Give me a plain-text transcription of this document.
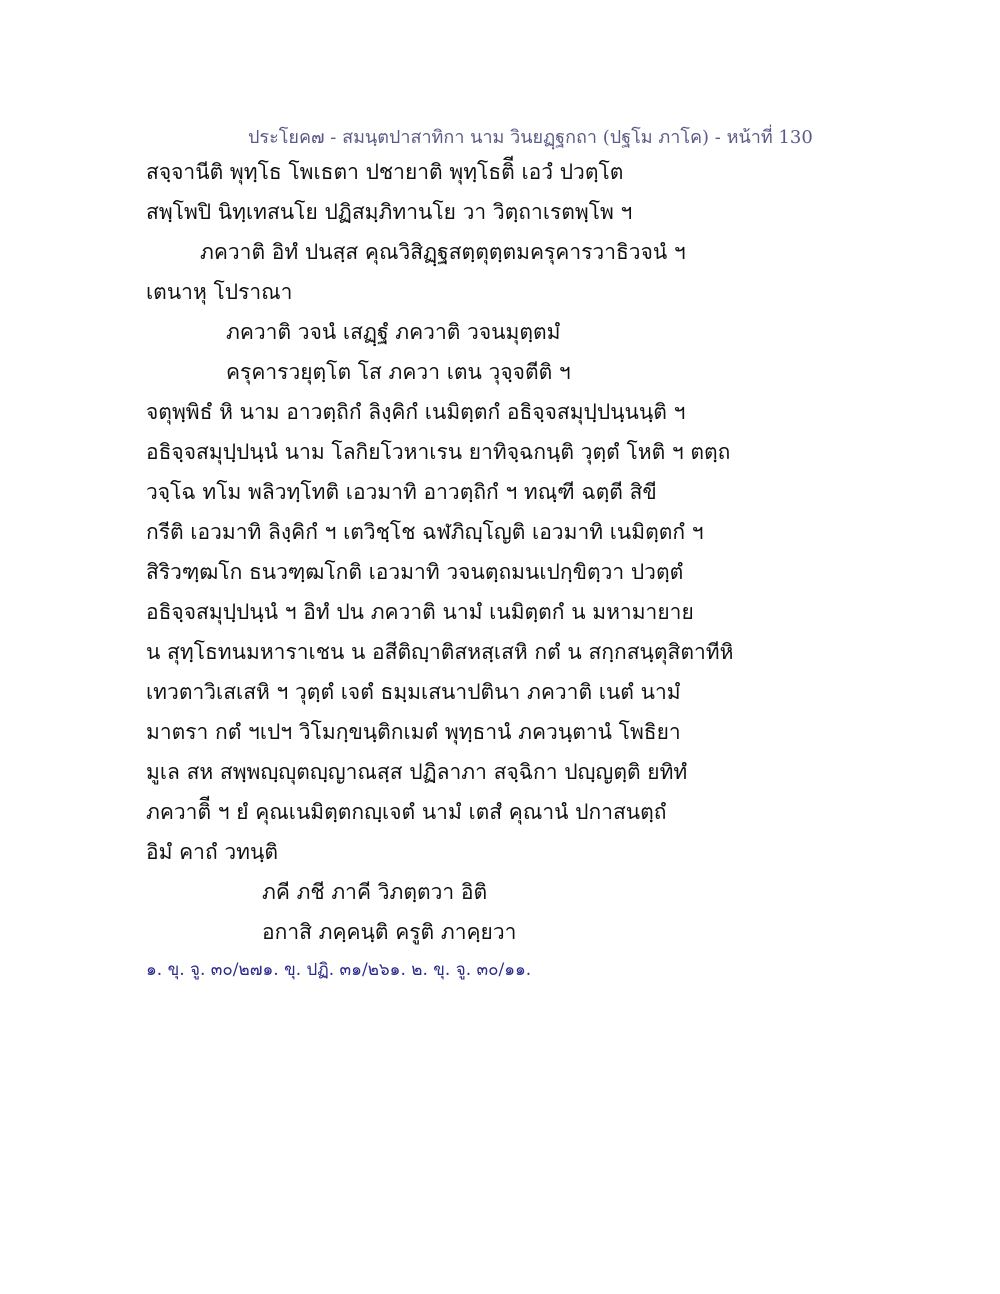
ประโยค๗ - สมนฺตปาสาทิกา นาม วินยฏฺฐกถา (ปฐโม ภาโค) - หน้าที่ 130
สจฺจานีติ พุทฺโธ โพเธตา ปชายาติ พุทฺโธติี เอวํ ปวตฺโต
สพฺโพปิ นิทฺเทสนโย ปฏิสมฺภิทานโย วา วิตฺถาเรตพฺโพ ฯ
ภควาติ อิทํ ปนสฺส คุณวิสิฏฺฐสตฺตุตฺตมครุคารวาธิวจนํ ฯ
เตนาหุ โปราณา
ภควาติ วจนํ เสฏฺฐํ ภควาติ วจนมุตฺตมํ
ครุคารวยุตฺโต โส ภควา เตน วุจฺจตีติ ฯ
จตุพฺพิธํ หิ นาม อาวตฺถิกํ ลิงฺคิกํ เนมิตฺตกํ อธิจฺจสมุปฺปนฺนนฺติ ฯ
อธิจฺจสมุปฺปนฺนํ นาม โลกิยโวหาเรน ยาทิจฺฉกนฺติ วุตฺตํ โหติ ฯ ตตฺถ
วจฺโฉ ทโม พลิวทฺโทติ เอวมาทิ อาวตฺถิกํ ฯ ทณฺฑี ฉตฺตี สิขี
กรีติ เอวมาทิ ลิงฺคิกํ ฯ เตวิชฺโช ฉฬภิญฺโญติ เอวมาทิ เนมิตฺตกํ ฯ
สิริวฑฺฒโก ธนวฑฺฒโกติ เอวมาทิ วจนตฺถมนเปกฺขิตฺวา ปวตฺตํ
อธิจฺจสมุปฺปนฺนํ ฯ อิทํ ปน ภควาติ นามํ เนมิตฺตกํ น มหามายาย
น สุทฺโธทนมหาราเชน น อสีติญฺาติสหสฺเสหิ กตํ น สกฺกสนฺตุสิตาทีหิ
เทวตาวิเสเสหิ ฯ วุตฺตํ เจตํ ธมฺมเสนาปตินา ภควาติ เนตํ นามํ
มาตรา กตํ ฯเปฯ วิโมกฺขนฺติกเมตํ พุทฺธานํ ภควนฺตานํ โพธิยา
มูเล สห สพฺพญฺญุตญฺญาณสฺส ปฏิลาภา สจฺฉิกา ปญฺญตฺติ ยทิทํ
ภควาติี ฯ ยํ คุณเนมิตฺตกญฺเจตํ นามํ เตสํ คุณานํ ปกาสนตฺถํ
อิมํ คาถํ วทนฺติ
ภคี ภชี ภาคี วิภตฺตวา อิติ
อกาสิ ภคฺคนฺติ ครูติ ภาคฺยวา
๑. ขุ. จู. ๓๐/๒๗๑. ขุ. ปฏิ. ๓๑/๒๖๑. ๒. ขุ. จู. ๓๐/๑๑.
